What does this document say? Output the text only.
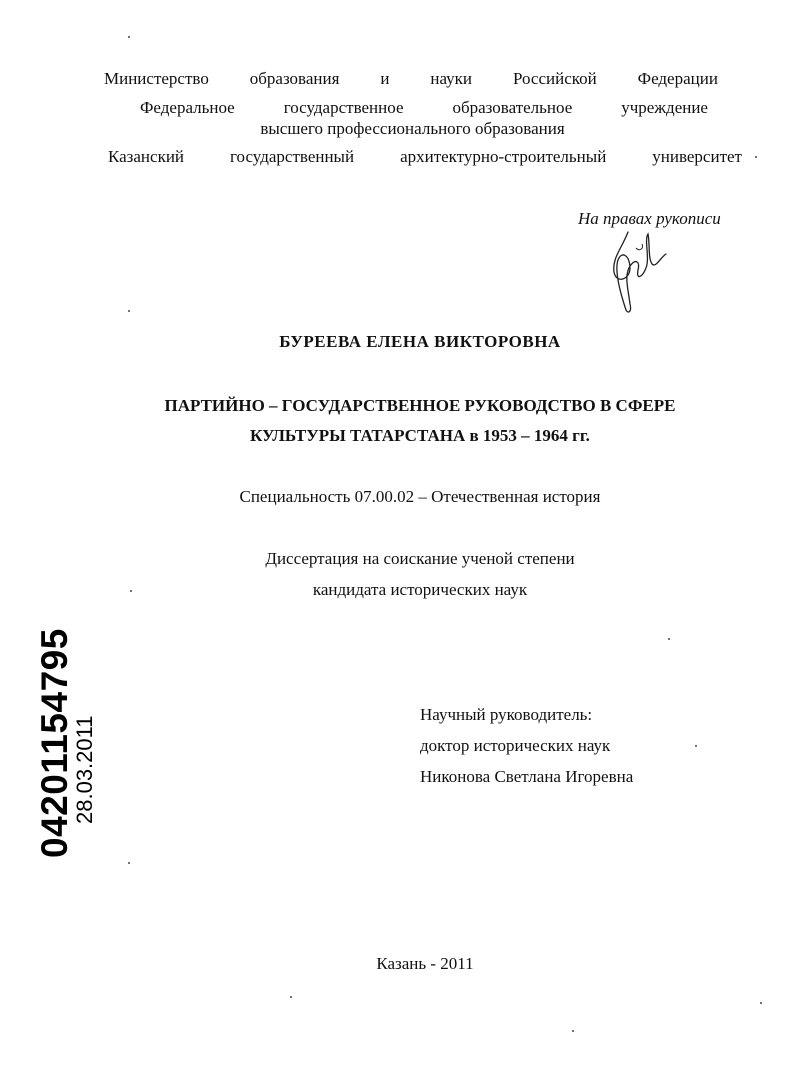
Министерство образования и науки Российской Федерации
Федеральное	государственное	образовательное	учреждение
высшего профессионального образования
Казанский	государственный	архитектурно-строительный	университет
На правах рукописи
БУРЕЕВА ЕЛЕНА ВИКТОРОВНА
ПАРТИЙНО – ГОСУДАРСТВЕННОЕ РУКОВОДСТВО В СФЕРЕ
КУЛЬТУРЫ ТАТАРСТАНА в 1953 – 1964 гг.
Специальность 07.00.02 – Отечественная история
Диссертация на соискание ученой степени
кандидата исторических наук
Научный руководитель:
доктор исторических наук
Никонова Светлана Игоревна
Казань - 2011
04201154795
28.03.2011
